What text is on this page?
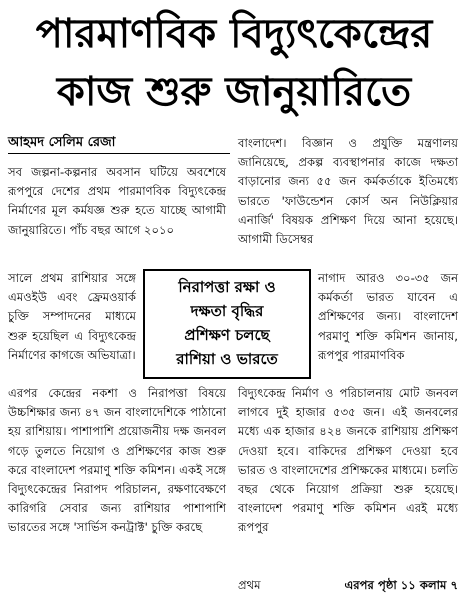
পারমাণবিক বিদ্যুৎকেন্দ্রের
কাজ শুরু জানুয়ারিতে
আহমদ সেলিম রেজা

সব জল্পনা-কল্পনার অবসান ঘটিয়ে অবশেষে রূপপুরে দেশের প্রথম পারমাণবিক বিদ্যুৎকেন্দ্র নির্মাণের মূল কর্মযজ্ঞ শুরু হতে যাচ্ছে আগামী জানুয়ারিতে। পাঁচ বছর আগে ২০১০

সালে প্রথম রাশিয়ার সঙ্গে এমওইউ এবং ফ্রেমওয়ার্ক চুক্তি সম্পাদনের মাধ্যমে শুরু হয়েছিল এ বিদ্যুৎকেন্দ্র নির্মাণের কাগজে অভিযাত্রা।

নিরাপত্তা রক্ষা ও
দক্ষতা বৃদ্ধির
প্রশিক্ষণ চলছে
রাশিয়া ও ভারতে

বাংলাদেশ। বিজ্ঞান ও প্রযুক্তি মন্ত্রণালয় জানিয়েছে, প্রকল্প ব্যবস্থাপনার কাজে দক্ষতা বাড়ানোর জন্য ৫৫ জন কর্মকর্তাকে ইতিমধ্যে ভারতে 'ফাউন্ডেশন কোর্স অন নিউক্লিয়ার এনার্জি' বিষয়ক প্রশিক্ষণ দিয়ে আনা হয়েছে। আগামী ডিসেম্বর

নাগাদ আরও ৩০-৩৫ জন কর্মকর্তা ভারত যাবেন এ প্রশিক্ষণের জন্য। বাংলাদেশ পরমাণু শক্তি কমিশন জানায়, রূপপুর পারমাণবিক

এরপর কেন্দ্রের নকশা ও নিরাপত্তা বিষয়ে উচ্চশিক্ষার জন্য ৪৭ জন বাংলাদেশিকে পাঠানো হয় রাশিয়ায়। পাশাপাশি প্রয়োজনীয় দক্ষ জনবল গড়ে তুলতে নিয়োগ ও প্রশিক্ষণের কাজ শুরু করে বাংলাদেশ পরমাণু শক্তি কমিশন। একই সঙ্গে বিদ্যুৎকেন্দ্রের নিরাপদ পরিচালন, রক্ষণাবেক্ষণে কারিগরি সেবার জন্য রাশিয়ার পাশাপাশি ভারতের সঙ্গে 'সার্ভিস কনট্রাক্ট' চুক্তি করছে

বিদ্যুৎকেন্দ্র নির্মাণ ও পরিচালনায় মোট জনবল লাগবে দুই হাজার ৫৩৫ জন। এই জনবলের মধ্যে এক হাজার ৪২৪ জনকে রাশিয়ায় প্রশিক্ষণ দেওয়া হবে। বাকিদের প্রশিক্ষণ দেওয়া হবে ভারত ও বাংলাদেশের প্রশিক্ষকের মাধ্যমে। চলতি বছর থেকে নিয়োগ প্রক্রিয়া শুরু হয়েছে। বাংলাদেশ পরমাণু শক্তি কমিশন এরই মধ্যে রূপপুর

প্রথম	এরপর পৃষ্ঠা ১১ কলাম ৭
